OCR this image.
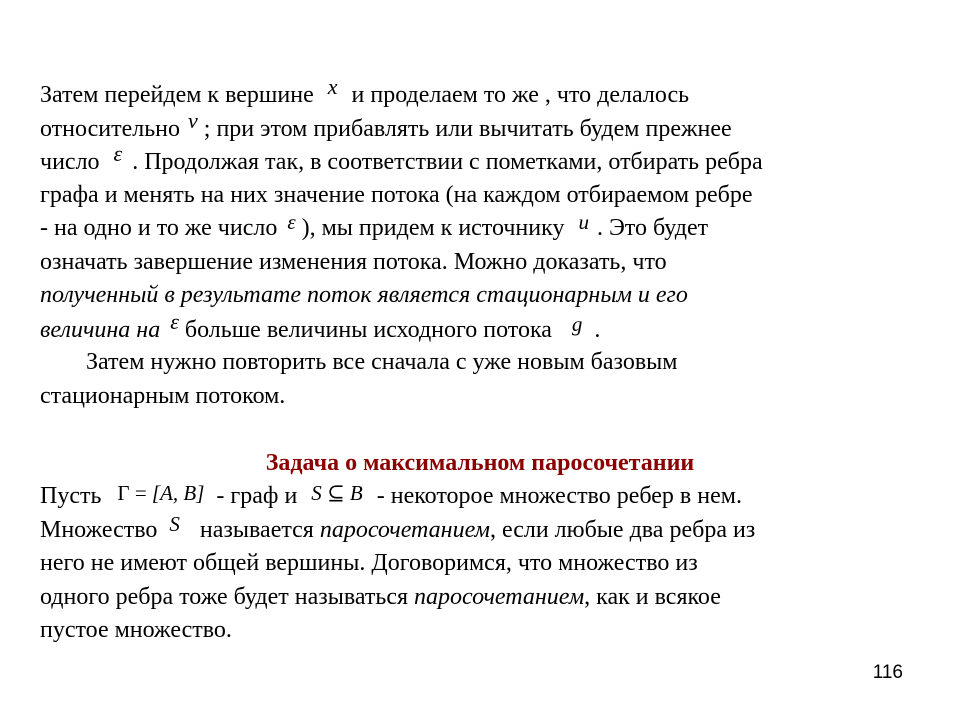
Затем перейдем к вершине x и проделаем то же , что делалось
относительно v ; при этом прибавлять или вычитать будем прежнее
число ε . Продолжая так, в соответствии с пометками, отбирать ребра
графа и менять на них значение потока (на каждом отбираемом ребре
- на одно и то же число ε ), мы придем к источнику u . Это будет
означать завершение изменения потока. Можно доказать, что
полученный в результате поток является стационарным и его
величина на ε больше величины исходного потока g .
Затем нужно повторить все сначала с уже новым базовым
стационарным потоком.
Задача о максимальном паросочетании
Пусть Γ = [A, B] - граф и S ⊆ B - некоторое множество ребер в нем.
Множество S называется паросочетанием, если любые два ребра из
него не имеют общей вершины. Договоримся, что множество из
одного ребра тоже будет называться паросочетанием, как и всякое
пустое множество.
116
